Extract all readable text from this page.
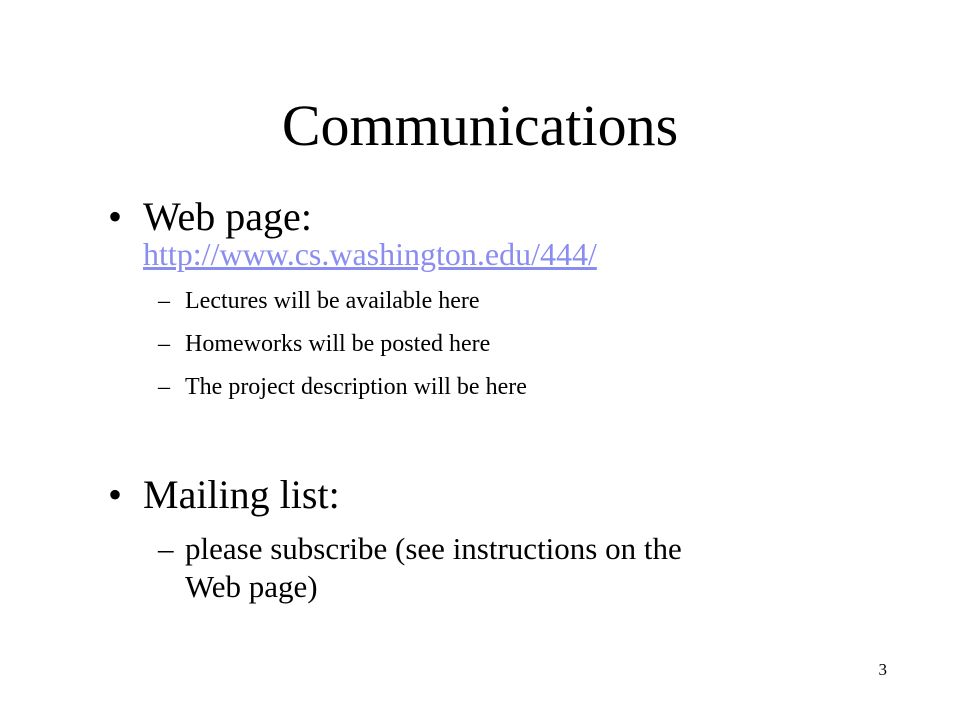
Communications
• Web page:
http://www.cs.washington.edu/444/
– Lectures will be available here
– Homeworks will be posted here
– The project description will be here
• Mailing list:
– please subscribe (see instructions on the
Web page)
3
